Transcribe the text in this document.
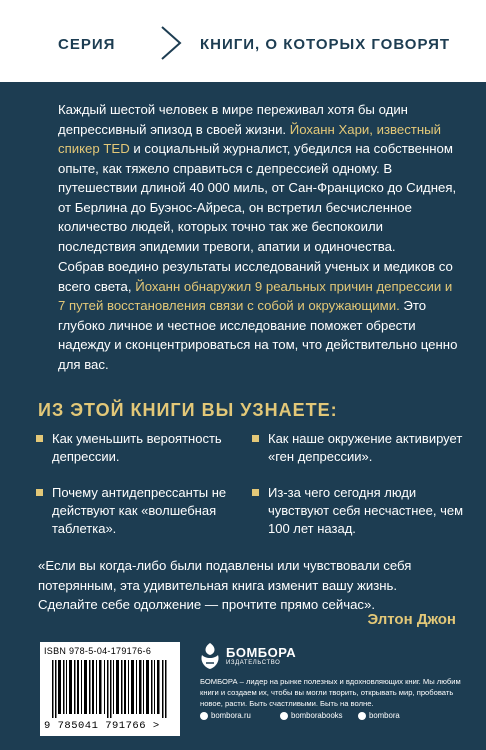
СЕРИЯ	КНИГИ, О КОТОРЫХ ГОВОРЯТ

Каждый шестой человек в мире переживал хотя бы один депрессивный эпизод в своей жизни. Йоханн Хари, известный спикер TED и социальный журналист, убедился на собственном опыте, как тяжело справиться с депрессией одному. В путешествии длиной 40 000 миль, от Сан-Франциско до Сиднея, от Берлина до Буэнос-Айреса, он встретил бесчисленное количество людей, которых точно так же беспокоили последствия эпидемии тревоги, апатии и одиночества.

Собрав воедино результаты исследований ученых и медиков со всего света, Йоханн обнаружил 9 реальных причин депрессии и 7 путей восстановления связи с собой и окружающими. Это глубоко личное и честное исследование поможет обрести надежду и сконцентрироваться на том, что действительно ценно для вас.

ИЗ ЭТОЙ КНИГИ ВЫ УЗНАЕТЕ:
Как уменьшить вероятность депрессии.
Почему антидепрессанты не действуют как «волшебная таблетка».
Как наше окружение активирует «ген депрессии».
Из-за чего сегодня люди чувствуют себя несчастнее, чем 100 лет назад.

«Если вы когда-либо были подавлены или чувствовали себя потерянным, эта удивительная книга изменит вашу жизнь. Сделайте себе одолжение — прочтите прямо сейчас».

Элтон Джон
ISBN 978-5-04-179176-6
9 785041 791766 >
БОМБОРА
ИЗДАТЕЛЬСТВО

БОМБОРА – лидер на рынке полезных и вдохновляющих книг. Мы любим книги и создаем их, чтобы вы могли творить, открывать мир, пробовать новое, расти. Быть счастливыми. Быть на волне.

bombora.ru	bomborabooks	bombora
